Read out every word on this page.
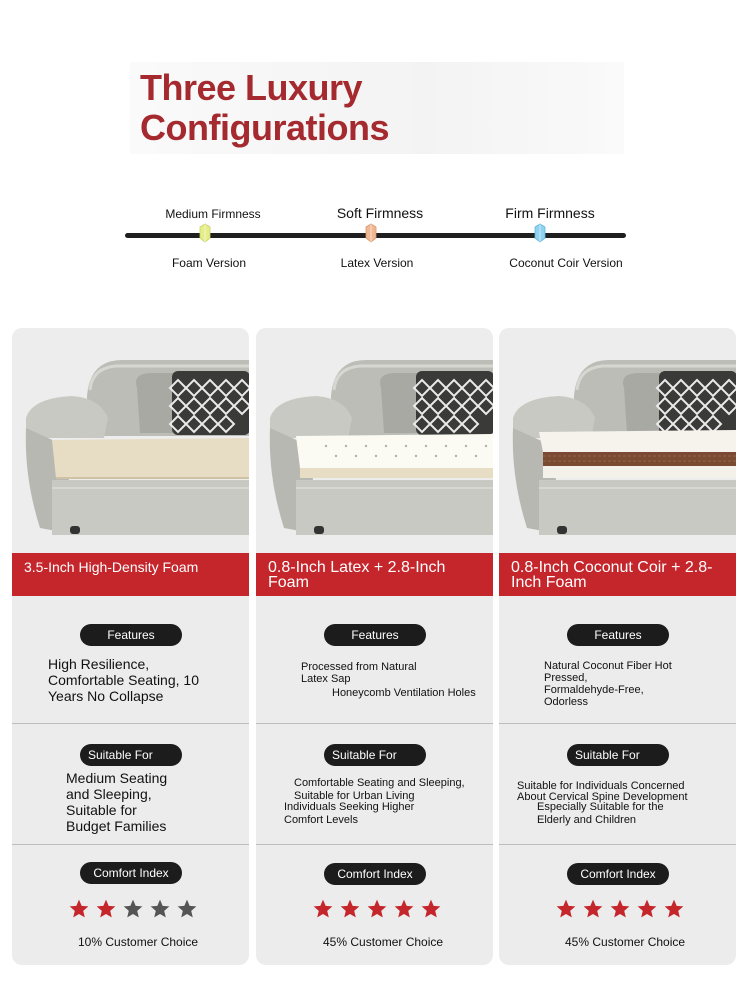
Three Luxury
Configurations
Medium Firmness	Soft Firmness	Firm Firmness
Foam Version	Latex Version	Coconut Coir Version
3.5-Inch High-Density Foam
Features
High Resilience,
Comfortable Seating, 10
Years No Collapse
Suitable For
Medium Seating
and Sleeping,
Suitable for
Budget Families
Comfort Index
10% Customer Choice
0.8-Inch Latex + 2.8-Inch Foam
Features
Processed from Natural
Latex Sap
Honeycomb Ventilation Holes
Suitable For
Comfortable Seating and Sleeping,
Suitable for Urban Living
Individuals Seeking Higher
Comfort Levels
Comfort Index
45% Customer Choice
0.8-Inch Coconut Coir + 2.8-Inch Foam
Features
Natural Coconut Fiber Hot
Pressed,
Formaldehyde-Free,
Odorless
Suitable For
Suitable for Individuals Concerned
About Cervical Spine Development
Especially Suitable for the
Elderly and Children
Comfort Index
45% Customer Choice
